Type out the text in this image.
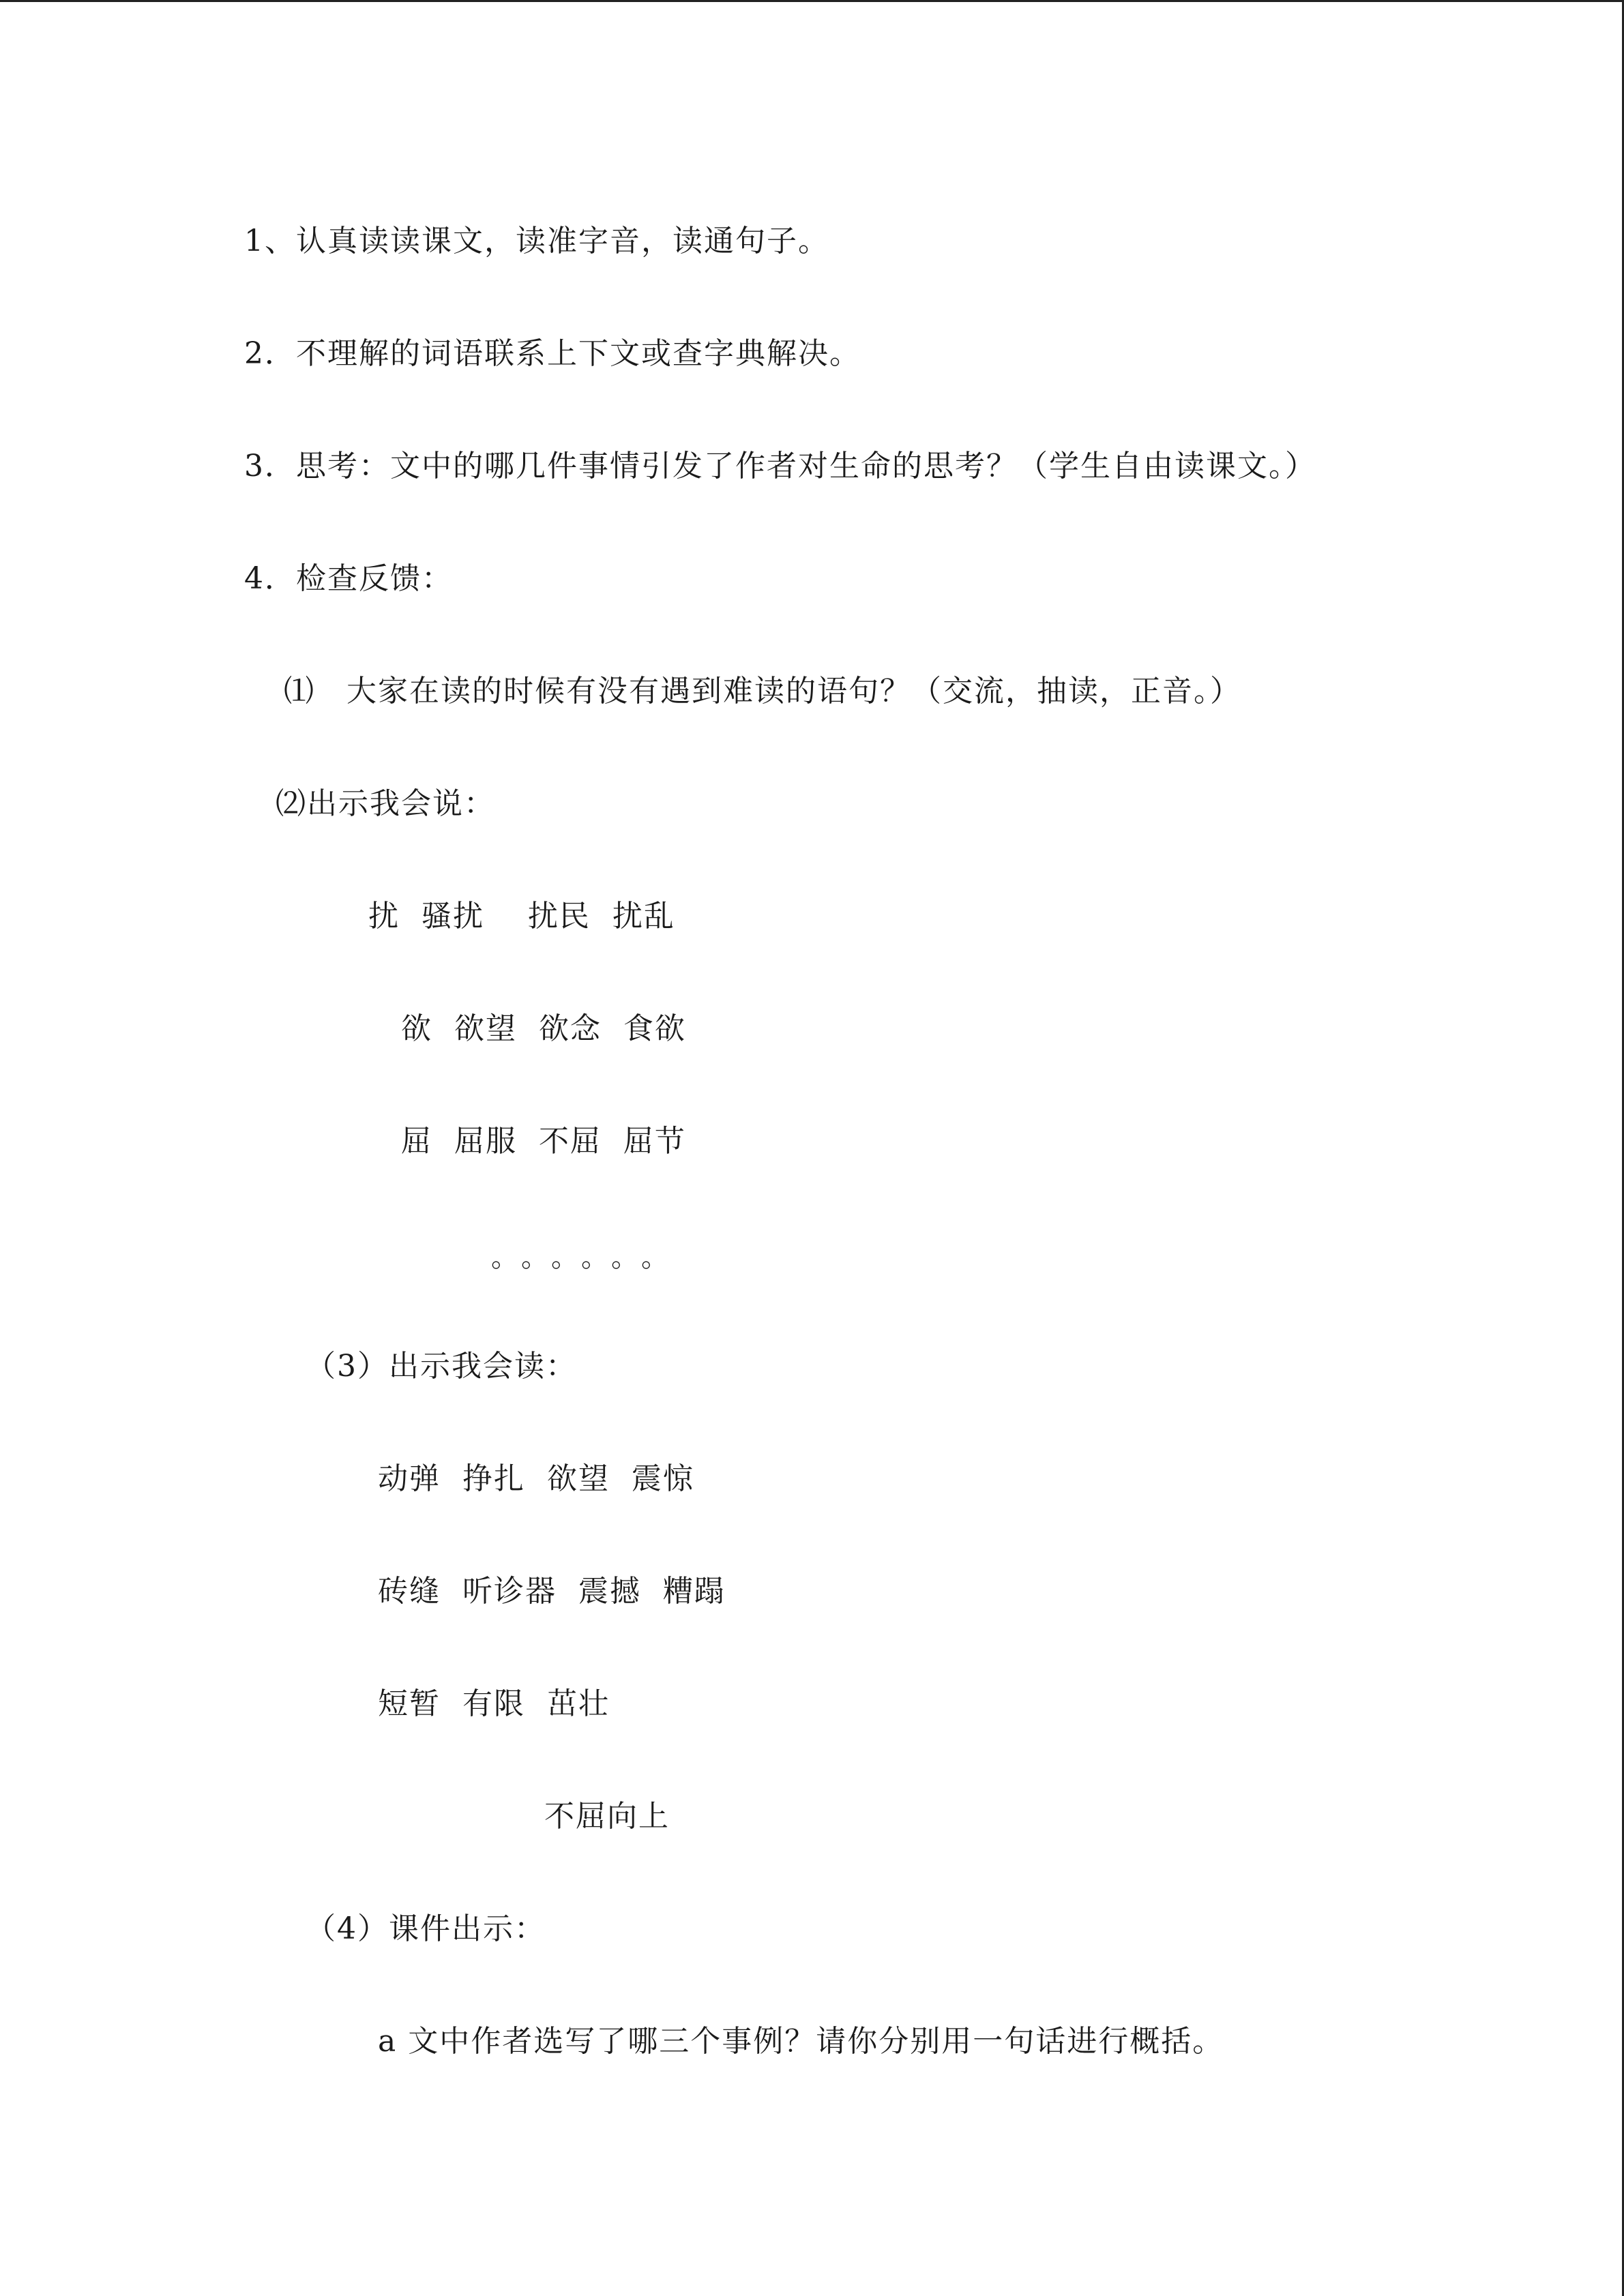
1、认真读读课文，读准字音，读通句子。
2．不理解的词语联系上下文或查字典解决。
3．思考：文中的哪几件事情引发了作者对生命的思考？（学生自由读课文。）
4．检查反馈：
⑴　大家在读的时候有没有遇到难读的语句？（交流，抽读，正音。）
⑵出示我会说：
扰  骚扰    扰民  扰乱
欲  欲望  欲念  食欲
屈  屈服  不屈  屈节
。。。。。。
（3）出示我会读：
动弹  挣扎  欲望  震惊
砖缝  听诊器  震撼  糟蹋
短暂  有限  茁壮
不屈向上
（4）课件出示：
a 文中作者选写了哪三个事例？请你分别用一句话进行概括。
